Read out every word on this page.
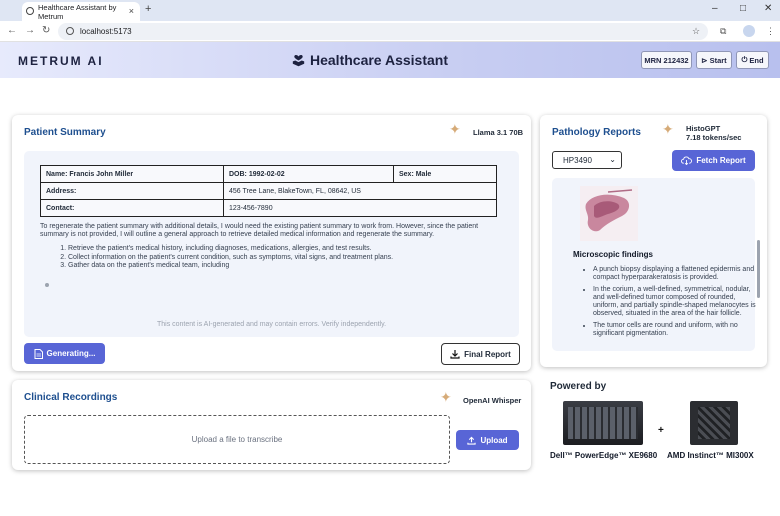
Healthcare Assistant by Metrum	× +	– □ ✕
← → ↻	localhost:5173	☆ ⧉	⋮
METRUM AI	Healthcare Assistant	MRN 212432 ⊳ Start ⏻ End
Patient Summary	✦ Llama 3.1 70B
Name: Francis John Miller	DOB: 1992-02-02	Sex: Male
Address:	456 Tree Lane, BlakeTown, FL, 08642, US	
Contact:	123-456-7890	

To regenerate the patient summary with additional details, I would need the existing patient summary to work from. However, since the patient summary is not provided, I will outline a general approach to retrieve detailed medical information and regenerate the summary.

1. Retrieve the patient's medical history, including diagnoses, medications, allergies, and test results.
2. Collect information on the patient's current condition, such as symptoms, vital signs, and treatment plans.
3. Gather data on the patient's medical team, including
This content is AI-generated and may contain errors. Verify independently.
Generating...	Final Report
Pathology Reports ✦ HistoGPT
7.18 tokens/sec
HP3490 ⌄	Fetch Report
Microscopic findings
• A punch biopsy displaying a flattened epidermis and compact hyperparakeratosis is provided.
• In the corium, a well-defined, symmetrical, nodular, and well-defined tumor composed of rounded, uniform, and partially spindle-shaped melanocytes is observed, situated in the area of the hair follicle.
• The tumor cells are round and uniform, with no significant pigmentation.
Clinical Recordings	✦ OpenAI Whisper
Upload a file to transcribe	Upload
Powered by
+
Dell™ PowerEdge™ XE9680 AMD Instinct™ MI300X
